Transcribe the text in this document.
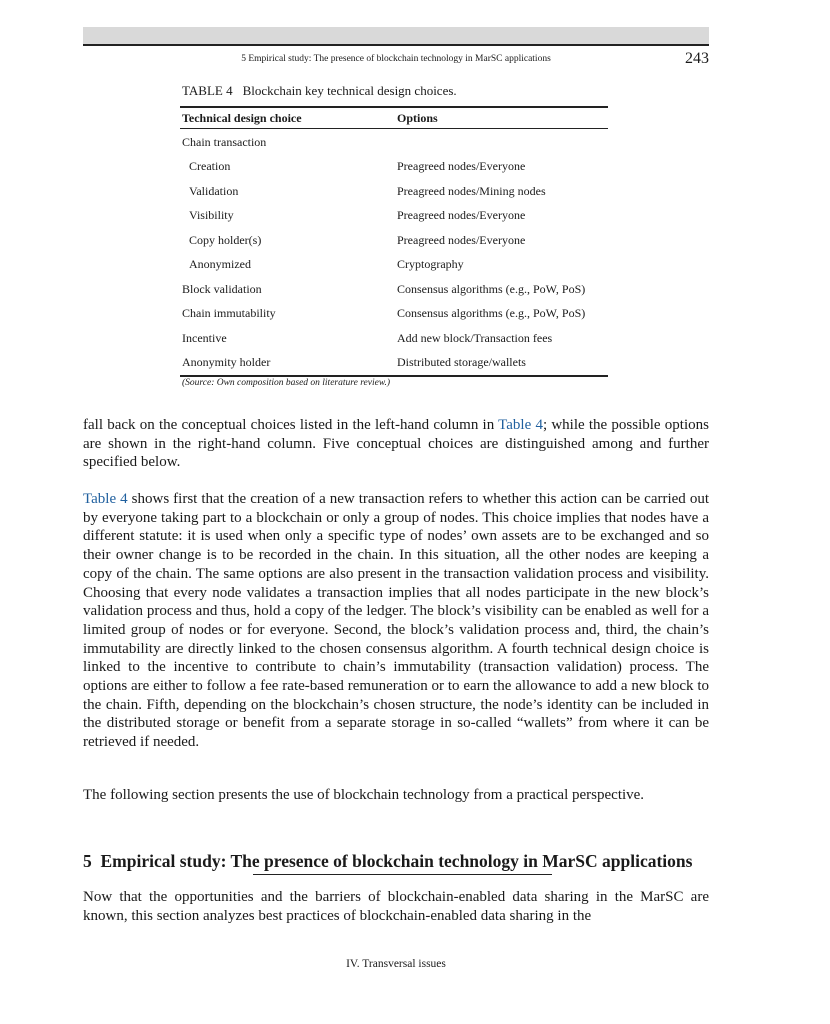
5 Empirical study: The presence of blockchain technology in MarSC applications	243
TABLE 4 Blockchain key technical design choices.
Technical design choice	Options
Chain transaction
Creation	Preagreed nodes/Everyone
Validation	Preagreed nodes/Mining nodes
Visibility	Preagreed nodes/Everyone
Copy holder(s)	Preagreed nodes/Everyone
Anonymized	Cryptography
Block validation	Consensus algorithms (e.g., PoW, PoS)
Chain immutability	Consensus algorithms (e.g., PoW, PoS)
Incentive	Add new block/Transaction fees
Anonymity holder	Distributed storage/wallets
(Source: Own composition based on literature review.)
fall back on the conceptual choices listed in the left-hand column in Table 4; while the possible options are shown in the right-hand column. Five conceptual choices are distinguished among and further specified below.
Table 4 shows first that the creation of a new transaction refers to whether this action can be carried out by everyone taking part to a blockchain or only a group of nodes. This choice implies that nodes have a different statute: it is used when only a specific type of nodes’ own assets are to be exchanged and so their owner change is to be recorded in the chain. In this situation, all the other nodes are keeping a copy of the chain. The same options are also present in the transaction validation process and visibility. Choosing that every node validates a transaction implies that all nodes participate in the new block’s validation process and thus, hold a copy of the ledger. The block’s visibility can be enabled as well for a limited group of nodes or for everyone. Second, the block’s validation process and, third, the chain’s immutability are directly linked to the chosen consensus algorithm. A fourth technical design choice is linked to the incentive to contribute to chain’s immutability (transaction validation) process. The options are either to follow a fee rate-based remuneration or to earn the allowance to add a new block to the chain. Fifth, depending on the blockchain’s chosen structure, the node’s identity can be included in the distributed storage or benefit from a separate storage in so-called “wallets” from where it can be retrieved if needed.
The following section presents the use of blockchain technology from a practical perspective.
5 Empirical study: The presence of blockchain technology in MarSC applications
Now that the opportunities and the barriers of blockchain-enabled data sharing in the MarSC are known, this section analyzes best practices of blockchain-enabled data sharing in the
IV. Transversal issues
